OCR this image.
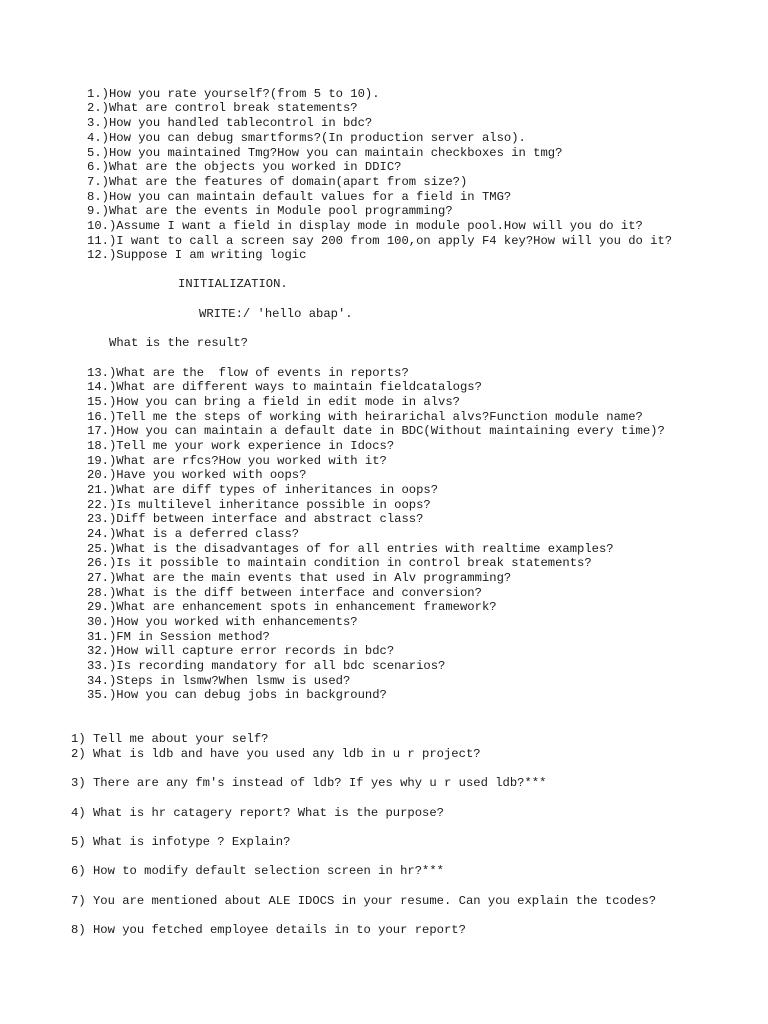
1.)How you rate yourself?(from 5 to 10).

2.)What are control break statements?

3.)How you handled tablecontrol in bdc?

4.)How you can debug smartforms?(In production server also).

5.)How you maintained Tmg?How you can maintain checkboxes in tmg?

6.)What are the objects you worked in DDIC?

7.)What are the features of domain(apart from size?)

8.)How you can maintain default values for a field in TMG?

9.)What are the events in Module pool programming?

10.)Assume I want a field in display mode in module pool.How will you do it?

11.)I want to call a screen say 200 from 100,on apply F4 key?How will you do it?

12.)Suppose I am writing logic

INITIALIZATION.

WRITE:/ 'hello abap'.

What is the result?

13.)What are the  flow of events in reports?

14.)What are different ways to maintain fieldcatalogs?

15.)How you can bring a field in edit mode in alvs?

16.)Tell me the steps of working with heirarichal alvs?Function module name?

17.)How you can maintain a default date in BDC(Without maintaining every time)?

18.)Tell me your work experience in Idocs?

19.)What are rfcs?How you worked with it?

20.)Have you worked with oops?

21.)What are diff types of inheritances in oops?

22.)Is multilevel inheritance possible in oops?

23.)Diff between interface and abstract class?

24.)What is a deferred class?

25.)What is the disadvantages of for all entries with realtime examples?

26.)Is it possible to maintain condition in control break statements?

27.)What are the main events that used in Alv programming?

28.)What is the diff between interface and conversion?

29.)What are enhancement spots in enhancement framework?

30.)How you worked with enhancements?

31.)FM in Session method?

32.)How will capture error records in bdc?

33.)Is recording mandatory for all bdc scenarios?

34.)Steps in lsmw?When lsmw is used?

35.)How you can debug jobs in background?

1) Tell me about your self?

2) What is ldb and have you used any ldb in u r project?

3) There are any fm's instead of ldb? If yes why u r used ldb?***

4) What is hr catagery report? What is the purpose?

5) What is infotype ? Explain?

6) How to modify default selection screen in hr?***

7) You are mentioned about ALE IDOCS in your resume. Can you explain the tcodes?

8) How you fetched employee details in to your report?
